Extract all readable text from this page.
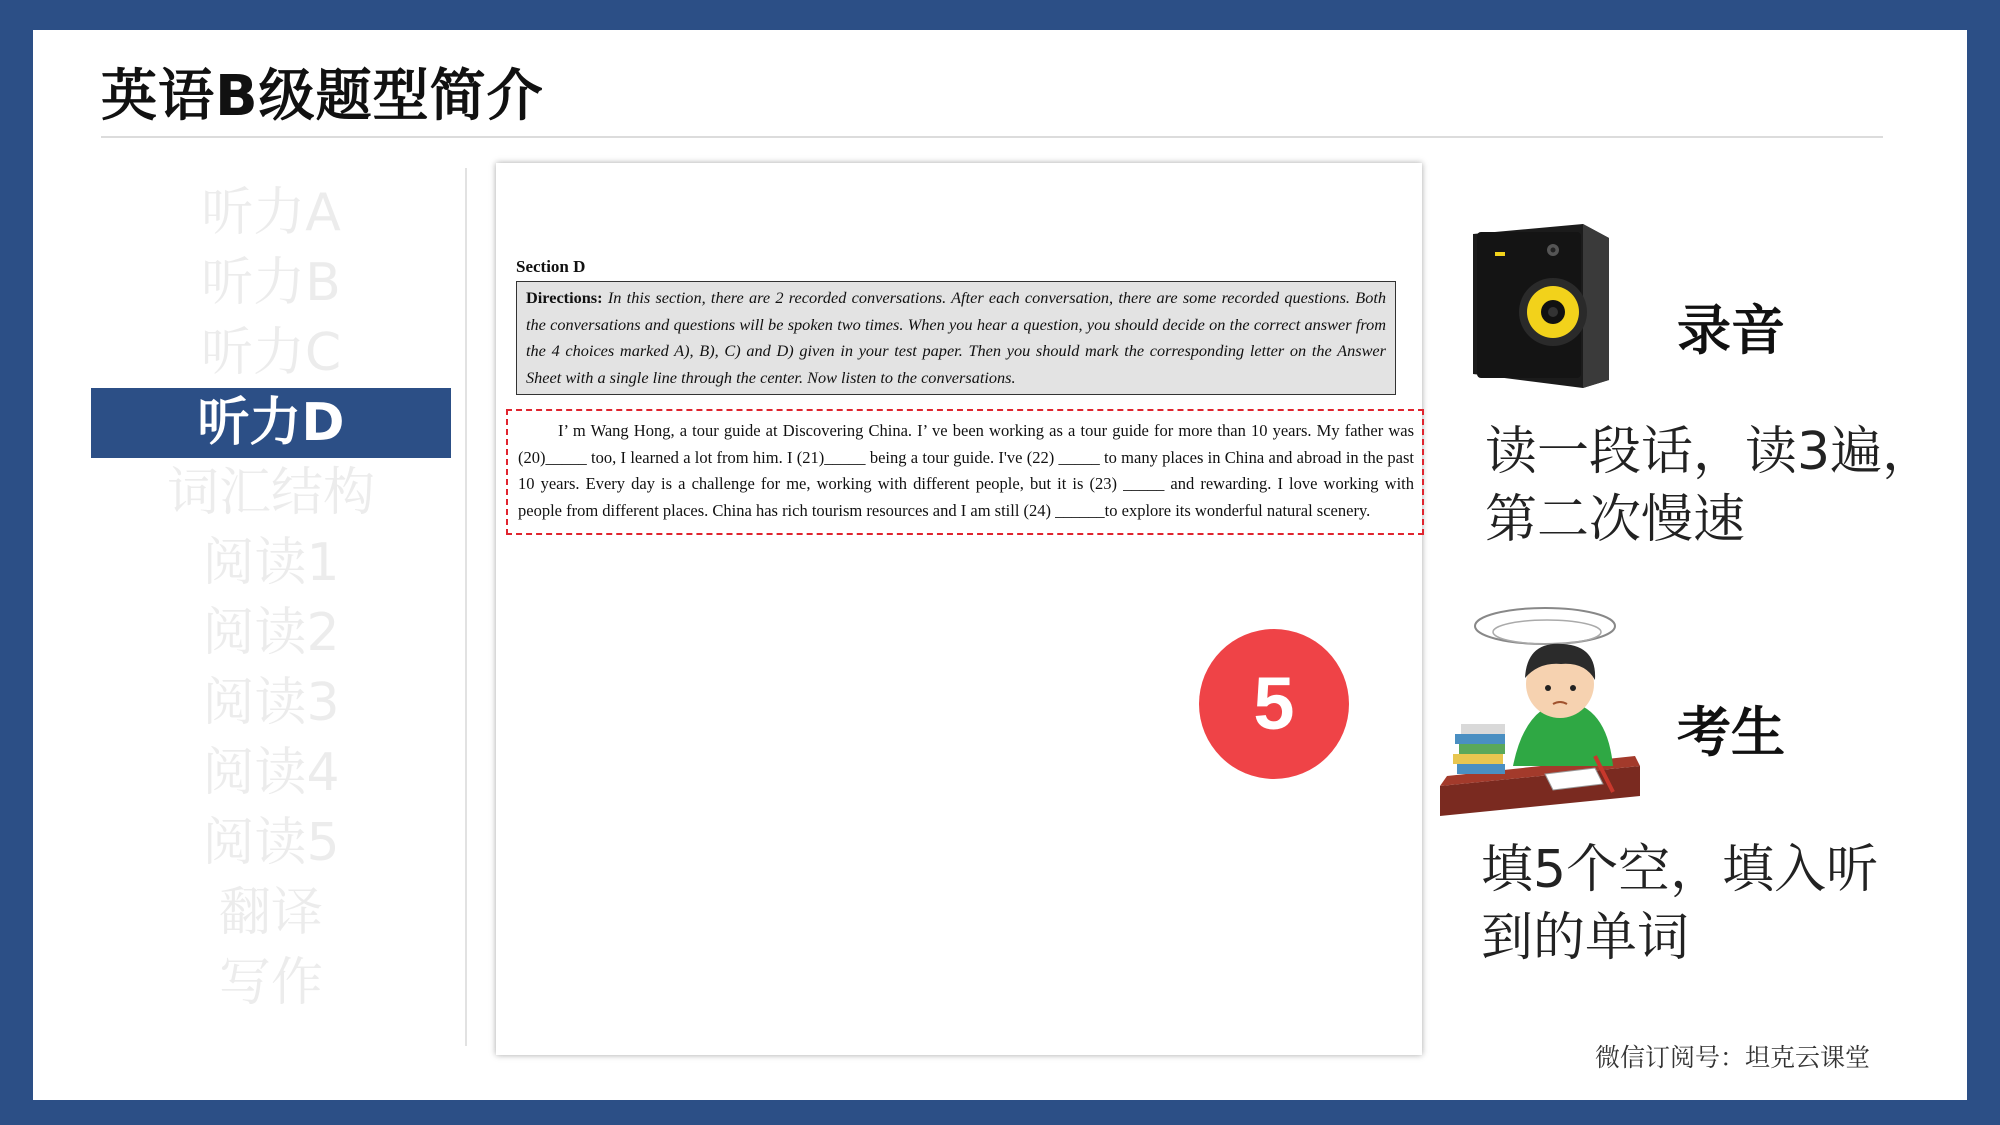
英语B级题型简介
听力A
听力B
听力C
听力D
词汇结构
阅读1
阅读2
阅读3
阅读4
阅读5
翻译
写作
Section D
Directions: In this section, there are 2 recorded conversations. After each conversation, there are some recorded questions. Both the conversations and questions will be spoken two times. When you hear a question, you should decide on the correct answer from the 4 choices marked A), B), C) and D) given in your test paper. Then you should mark the corresponding letter on the Answer Sheet with a single line through the center. Now listen to the conversations.

I’ m Wang Hong, a tour guide at Discovering China. I’ ve been working as a tour guide for more than 10 years. My father was (20)_____ too, I learned a lot from him. I (21)_____ being a tour guide. I've (22) _____ to many places in China and abroad in the past 10 years. Every day is a challenge for me, working with different people, but it is (23) _____ and rewarding. I love working with people from different places. China has rich tourism resources and I am still (24) ______to explore its wonderful natural scenery.

5
录音

读一段话，读3遍，
第二次慢速

考生

填5个空，填入听
到的单词

微信订阅号：坦克云课堂
